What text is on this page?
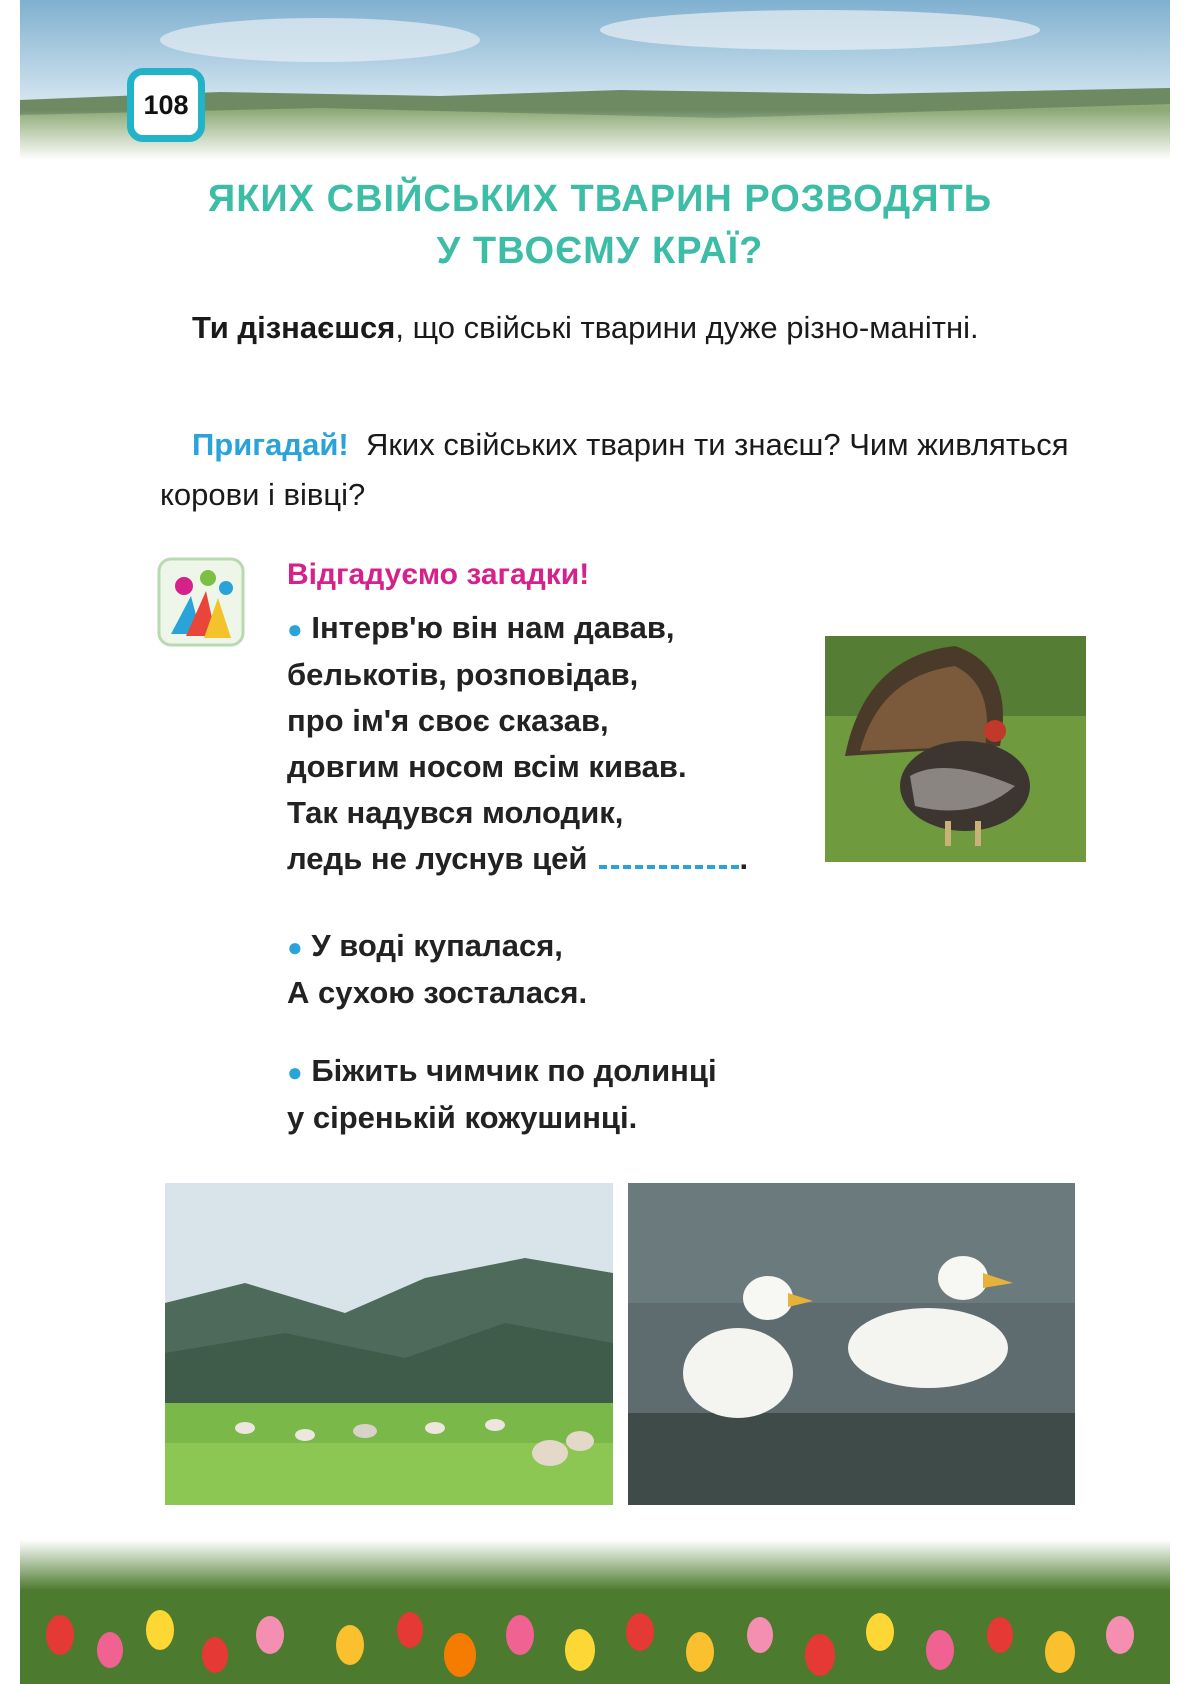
108
ЯКИХ СВІЙСЬКИХ ТВАРИН РОЗВОДЯТЬ
У ТВОЄМУ КРАЇ?
Ти дізнаєшся, що свійські тварини дуже різно-манітні.
Пригадай! Яких свійських тварин ти знаєш? Чим живляться корови і вівці?
Відгадуємо загадки!
● Інтерв'ю він нам давав,
белькотів, розповідав,
про ім'я своє сказав,
довгим носом всім кивав.
Так надувся молодик,
ледь не луснув цей	.
● У воді купалася,
А сухою зосталася.
● Біжить чимчик по долинці
у сіренькій кожушинці.
